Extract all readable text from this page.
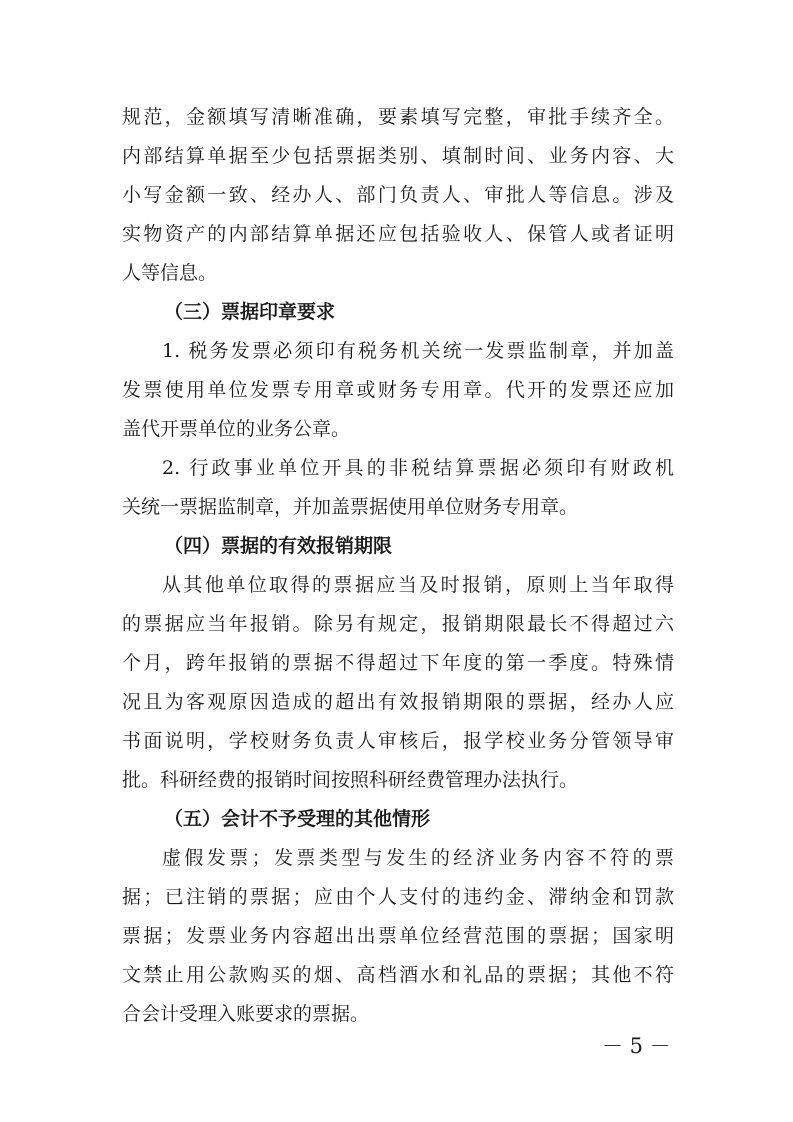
规范，金额填写清晰准确，要素填写完整，审批手续齐全。
内部结算单据至少包括票据类别、填制时间、业务内容、大
小写金额一致、经办人、部门负责人、审批人等信息。涉及
实物资产的内部结算单据还应包括验收人、保管人或者证明
人等信息。
（三）票据印章要求
1. 税务发票必须印有税务机关统一发票监制章，并加盖
发票使用单位发票专用章或财务专用章。代开的发票还应加
盖代开票单位的业务公章。
2. 行政事业单位开具的非税结算票据必须印有财政机
关统一票据监制章，并加盖票据使用单位财务专用章。
（四）票据的有效报销期限
从其他单位取得的票据应当及时报销，原则上当年取得
的票据应当年报销。除另有规定，报销期限最长不得超过六
个月，跨年报销的票据不得超过下年度的第一季度。特殊情
况且为客观原因造成的超出有效报销期限的票据，经办人应
书面说明，学校财务负责人审核后，报学校业务分管领导审
批。科研经费的报销时间按照科研经费管理办法执行。
（五）会计不予受理的其他情形
虚假发票；发票类型与发生的经济业务内容不符的票
据；已注销的票据；应由个人支付的违约金、滞纳金和罚款
票据；发票业务内容超出出票单位经营范围的票据；国家明
文禁止用公款购买的烟、高档酒水和礼品的票据；其他不符
合会计受理入账要求的票据。
－ 5 －
